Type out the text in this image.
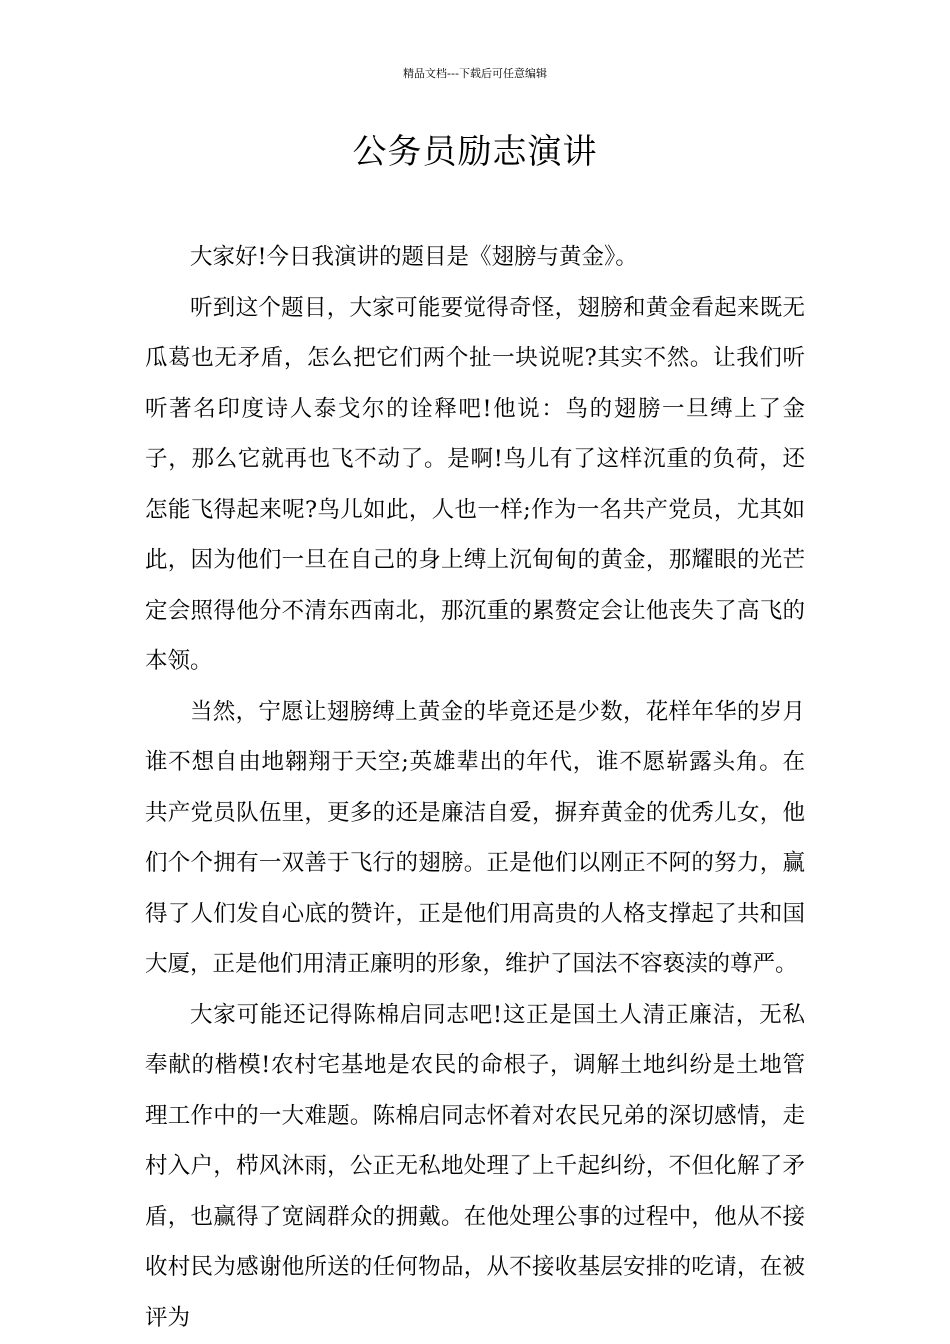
精品文档---下载后可任意编辑
公务员励志演讲

大家好!今日我演讲的题目是《翅膀与黄金》。

听到这个题目，大家可能要觉得奇怪，翅膀和黄金看起来既无瓜葛也无矛盾，怎么把它们两个扯一块说呢?其实不然。让我们听听著名印度诗人泰戈尔的诠释吧!他说：鸟的翅膀一旦缚上了金子，那么它就再也飞不动了。是啊!鸟儿有了这样沉重的负荷，还怎能飞得起来呢?鸟儿如此，人也一样;作为一名共产党员，尤其如此，因为他们一旦在自己的身上缚上沉甸甸的黄金，那耀眼的光芒定会照得他分不清东西南北，那沉重的累赘定会让他丧失了高飞的本领。

当然，宁愿让翅膀缚上黄金的毕竟还是少数，花样年华的岁月谁不想自由地翱翔于天空;英雄辈出的年代，谁不愿崭露头角。在共产党员队伍里，更多的还是廉洁自爱，摒弃黄金的优秀儿女，他们个个拥有一双善于飞行的翅膀。正是他们以刚正不阿的努力，赢得了人们发自心底的赞许，正是他们用高贵的人格支撑起了共和国大厦，正是他们用清正廉明的形象，维护了国法不容亵渎的尊严。

大家可能还记得陈棉启同志吧!这正是国土人清正廉洁，无私奉献的楷模!农村宅基地是农民的命根子，调解土地纠纷是土地管理工作中的一大难题。陈棉启同志怀着对农民兄弟的深切感情，走村入户，栉风沐雨，公正无私地处理了上千起纠纷，不但化解了矛盾，也赢得了宽阔群众的拥戴。在他处理公事的过程中，他从不接收村民为感谢他所送的任何物品，从不接收基层安排的吃请，在被评为
